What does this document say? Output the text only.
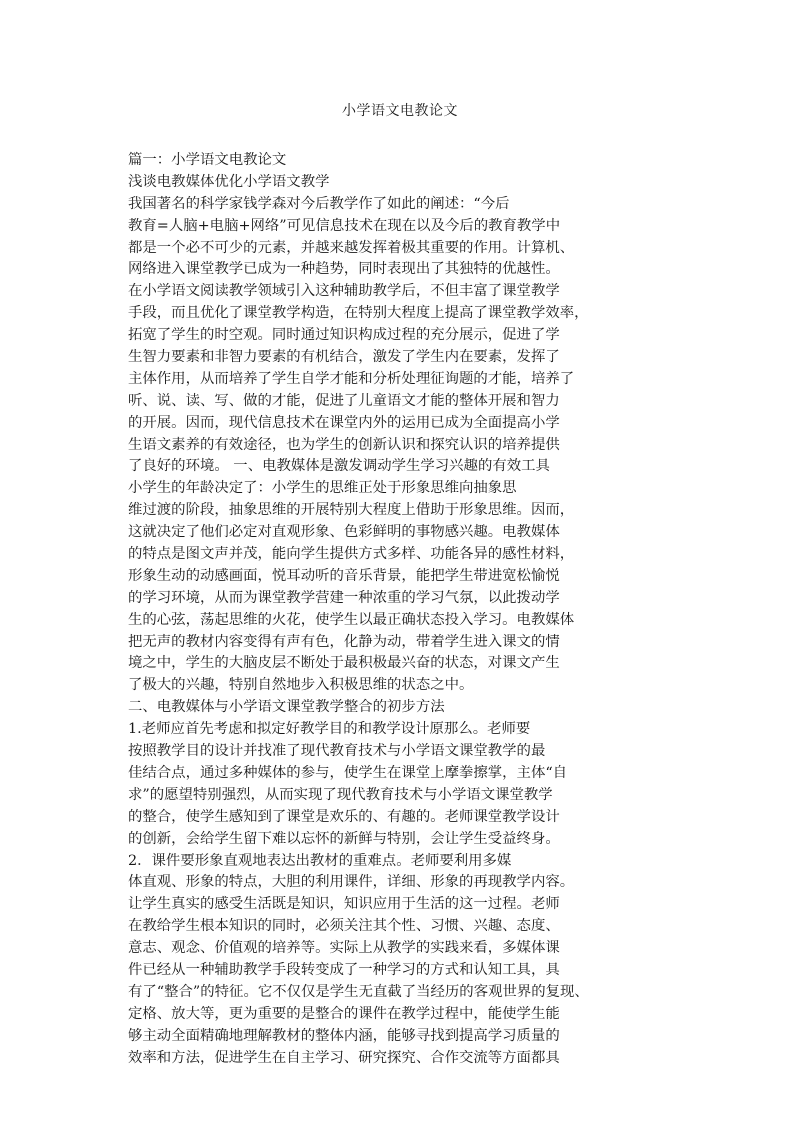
小学语文电教论文
篇一：小学语文电教论文
浅谈电教媒体优化小学语文教学
我国著名的科学家钱学森对今后教学作了如此的阐述：“今后
教育=人脑+电脑+网络”可见信息技术在现在以及今后的教育教学中
都是一个必不可少的元素，并越来越发挥着极其重要的作用。计算机、
网络进入课堂教学已成为一种趋势，同时表现出了其独特的优越性。
在小学语文阅读教学领域引入这种辅助教学后，不但丰富了课堂教学
手段，而且优化了课堂教学构造，在特别大程度上提高了课堂教学效率，
拓宽了学生的时空观。同时通过知识构成过程的充分展示，促进了学
生智力要素和非智力要素的有机结合，激发了学生内在要素，发挥了
主体作用，从而培养了学生自学才能和分析处理征询题的才能，培养了
听、说、读、写、做的才能，促进了儿童语文才能的整体开展和智力
的开展。因而，现代信息技术在课堂内外的运用已成为全面提高小学
生语文素养的有效途径，也为学生的创新认识和探究认识的培养提供
了良好的环境。 一、电教媒体是激发调动学生学习兴趣的有效工具
小学生的年龄决定了：小学生的思维正处于形象思维向抽象思
维过渡的阶段，抽象思维的开展特别大程度上借助于形象思维。因而，
这就决定了他们必定对直观形象、色彩鲜明的事物感兴趣。电教媒体
的特点是图文声并茂，能向学生提供方式多样、功能各异的感性材料，
形象生动的动感画面，悦耳动听的音乐背景，能把学生带进宽松愉悦
的学习环境，从而为课堂教学营建一种浓重的学习气氛，以此拨动学
生的心弦，荡起思维的火花，使学生以最正确状态投入学习。电教媒体
把无声的教材内容变得有声有色，化静为动，带着学生进入课文的情
境之中，学生的大脑皮层不断处于最积极最兴奋的状态，对课文产生
了极大的兴趣，特别自然地步入积极思维的状态之中。
二、电教媒体与小学语文课堂教学整合的初步方法
1.老师应首先考虑和拟定好教学目的和教学设计原那么。老师要
按照教学目的设计并找准了现代教育技术与小学语文课堂教学的最
佳结合点，通过多种媒体的参与，使学生在课堂上摩拳擦掌，主体“自
求”的愿望特别强烈，从而实现了现代教育技术与小学语文课堂教学
的整合，使学生感知到了课堂是欢乐的、有趣的。老师课堂教学设计
的创新，会给学生留下难以忘怀的新鲜与特别，会让学生受益终身。
2．课件要形象直观地表达出教材的重难点。老师要利用多媒
体直观、形象的特点，大胆的利用课件，详细、形象的再现教学内容。
让学生真实的感受生活既是知识，知识应用于生活的这一过程。老师
在教给学生根本知识的同时，必须关注其个性、习惯、兴趣、态度、
意志、观念、价值观的培养等。实际上从教学的实践来看，多媒体课
件已经从一种辅助教学手段转变成了一种学习的方式和认知工具，具
有了“整合”的特征。它不仅仅是学生无直截了当经历的客观世界的复现、
定格、放大等，更为重要的是整合的课件在教学过程中，能使学生能
够主动全面精确地理解教材的整体内涵，能够寻找到提高学习质量的
效率和方法，促进学生在自主学习、研究探究、合作交流等方面都具
